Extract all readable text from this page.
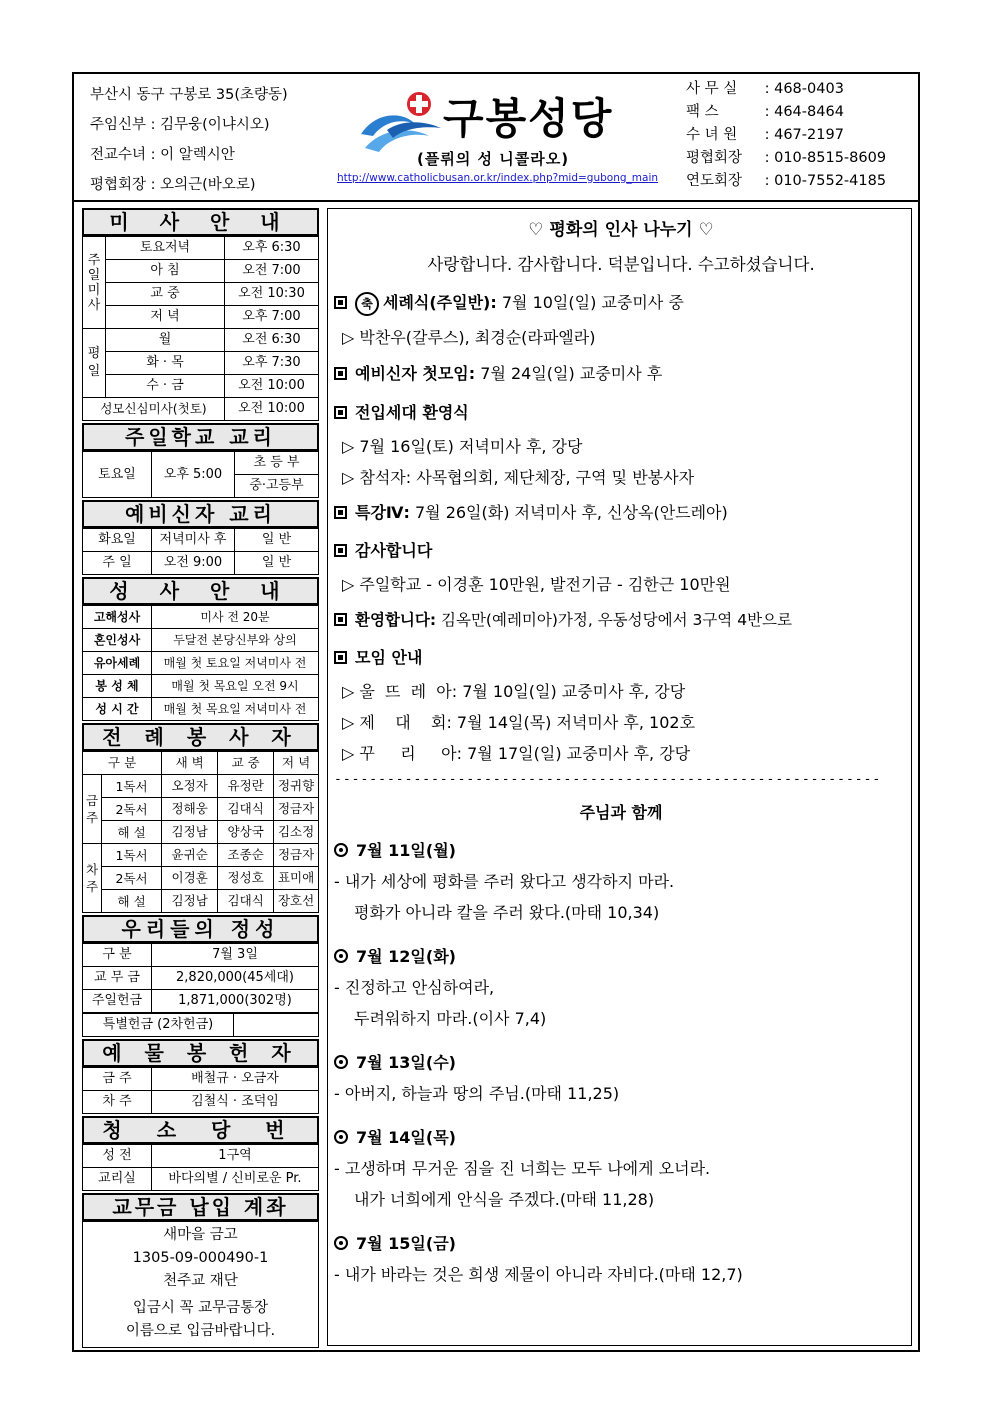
부산시 동구 구봉로 35(초량동)
주임신부 : 김무웅(이냐시오)
전교수녀 : 이 알렉시안
평협회장 : 오의근(바오로)
구봉성당
(플뤼의 성 니콜라오)
http://www.catholicbusan.or.kr/index.php?mid=gubong_main
사 무 실	: 468-0403
팩 스	: 464-8464
수 녀 원	: 467-2197
평협회장	: 010-8515-8609
연도회장	: 010-7552-4185
미 사 안 내
주
일
미
사	토요저녁	오후 6:30
	아 침	오전 7:00
	교 중	오전 10:30
	저 녁	오후 7:00
평
일	월	오전 6:30
	화 · 목	오후 7:30
	수 · 금	오전 10:00
성모신심미사(첫토)		오전 10:00
주일학교 교리
토요일	오후 5:00	초 등 부
중·고등부
예비신자 교리
화요일	저녁미사 후	일 반
주 일	오전 9:00	일 반
성 사 안 내
고해성사	미사 전 20분
혼인성사	두달전 본당신부와 상의
유아세례	매월 첫 토요일 저녁미사 전
봉 성 체	매월 첫 목요일 오전 9시
성 시 간	매월 첫 목요일 저녁미사 전
전 례 봉 사 자
구 분		새 벽	교 중	저 녁
금
주	1독서	오정자	유정란	정귀향
	2독서	정해웅	김대식	정금자
	해 설	김정남	양상국	김소정
차
주	1독서	윤귀순	조종순	정금자
	2독서	이경훈	정성호	표미애
	해 설	김정남	김대식	장호선
우리들의 정성
구 분	7월 3일
교 무 금	2,820,000(45세대)
주일헌금	1,871,000(302명)
특별헌금 (2차헌금)	
예 물 봉 헌 자
금 주	배철규 · 오금자
차 주	김철식 · 조덕임
청 소 당 번
성 전	1구역
교리실	바다의별 / 신비로운 Pr.
교무금 납입 계좌
새마을 금고
1305-09-000490-1
천주교 재단
입금시 꼭 교무금통장
이름으로 입금바랍니다.
♡ 평화의 인사 나누기 ♡
사랑합니다. 감사합니다. 덕분입니다. 수고하셨습니다.
축 세례식(주일반): 7월 10일(일) 교중미사 중
▷ 박찬우(갈루스), 최경순(라파엘라)
예비신자 첫모임: 7월 24일(일) 교중미사 후
전입세대 환영식
▷ 7월 16일(토) 저녁미사 후, 강당
▷ 참석자: 사목협의회, 제단체장, 구역 및 반봉사자
특강Ⅳ: 7월 26일(화) 저녁미사 후, 신상옥(안드레아)
감사합니다
▷ 주일학교 - 이경훈 10만원, 발전기금 - 김한근 10만원
환영합니다: 김옥만(예레미아)가정, 우동성당에서 3구역 4반으로
모임 안내
▷ 울  뜨  레  아: 7월 10일(일) 교중미사 후, 강당
▷ 제    대    회: 7월 14일(목) 저녁미사 후, 102호
▷ 꾸     리     아: 7월 17일(일) 교중미사 후, 강당
--------------------------------------------------------------
주님과 함께
7월 11일(월)
- 내가 세상에 평화를 주러 왔다고 생각하지 마라.
평화가 아니라 칼을 주러 왔다.(마태 10,34)
7월 12일(화)
- 진정하고 안심하여라,
두려워하지 마라.(이사 7,4)
7월 13일(수)
- 아버지, 하늘과 땅의 주님.(마태 11,25)
7월 14일(목)
- 고생하며 무거운 짐을 진 너희는 모두 나에게 오너라.
내가 너희에게 안식을 주겠다.(마태 11,28)
7월 15일(금)
- 내가 바라는 것은 희생 제물이 아니라 자비다.(마태 12,7)
